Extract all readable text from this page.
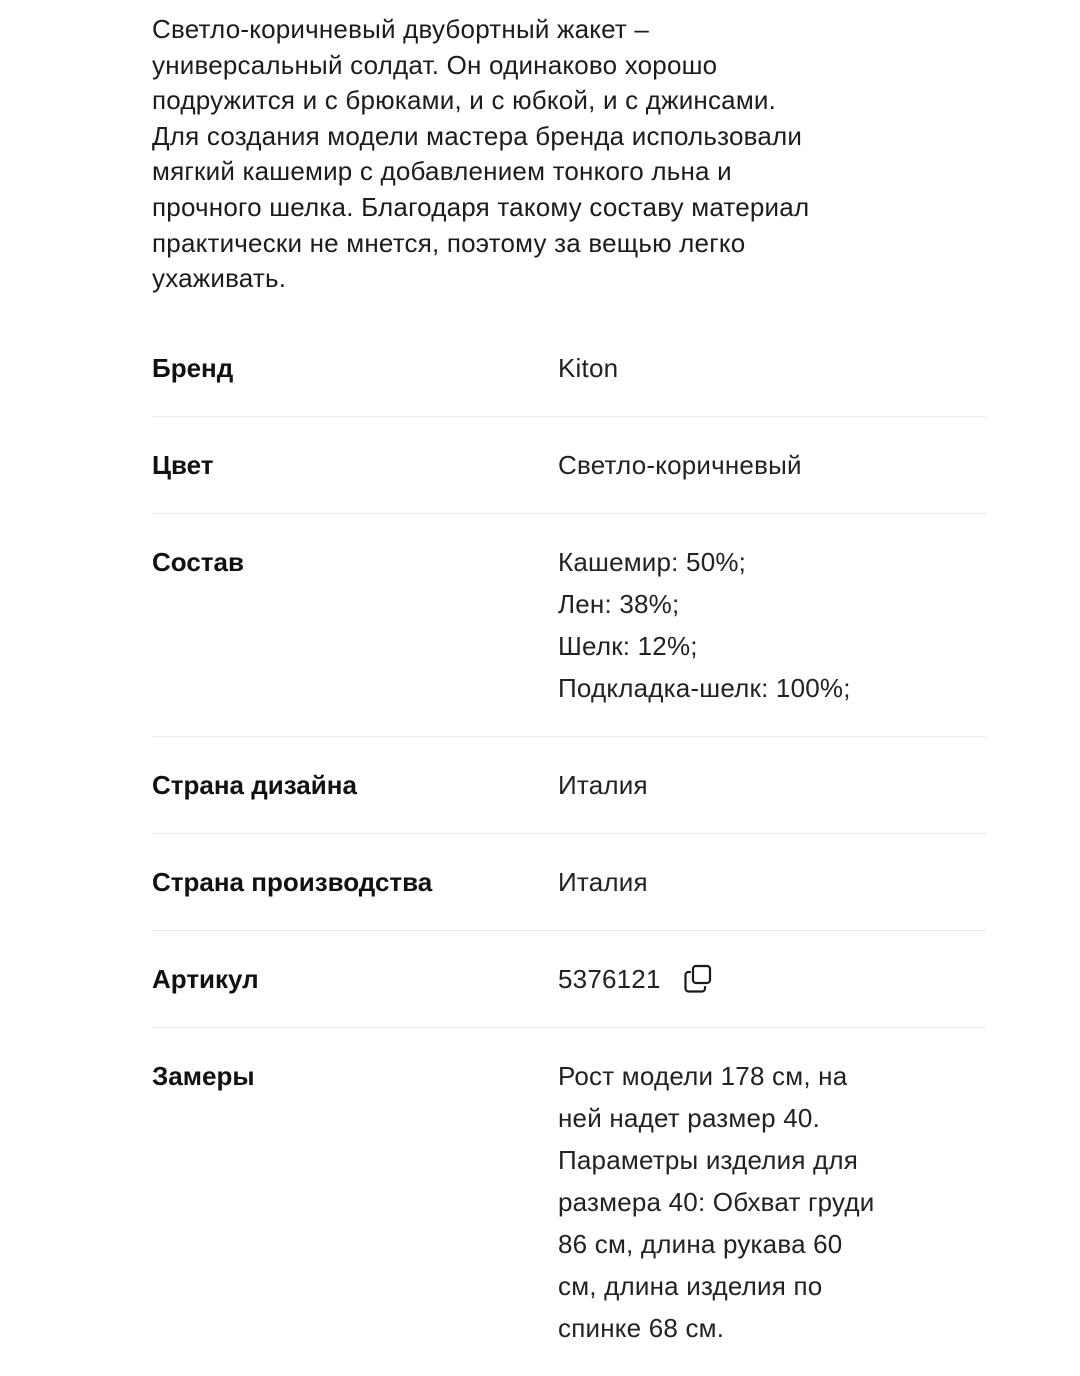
Светло-коричневый двубортный жакет –
универсальный солдат. Он одинаково хорошо
подружится и с брюками, и с юбкой, и с джинсами.
Для создания модели мастера бренда использовали
мягкий кашемир с добавлением тонкого льна и
прочного шелка. Благодаря такому составу материал
практически не мнется, поэтому за вещью легко
ухаживать.

Бренд	Kiton
Цвет	Светло-коричневый
Состав	Кашемир: 50%;
Лен: 38%;
Шелк: 12%;
Подкладка-шелк: 100%;
Страна дизайна	Италия
Страна производства	Италия
Артикул	5376121
Замеры	Рост модели 178 см, на
ней надет размер 40.
Параметры изделия для
размера 40: Обхват груди
86 см, длина рукава 60
см, длина изделия по
спинке 68 см.
